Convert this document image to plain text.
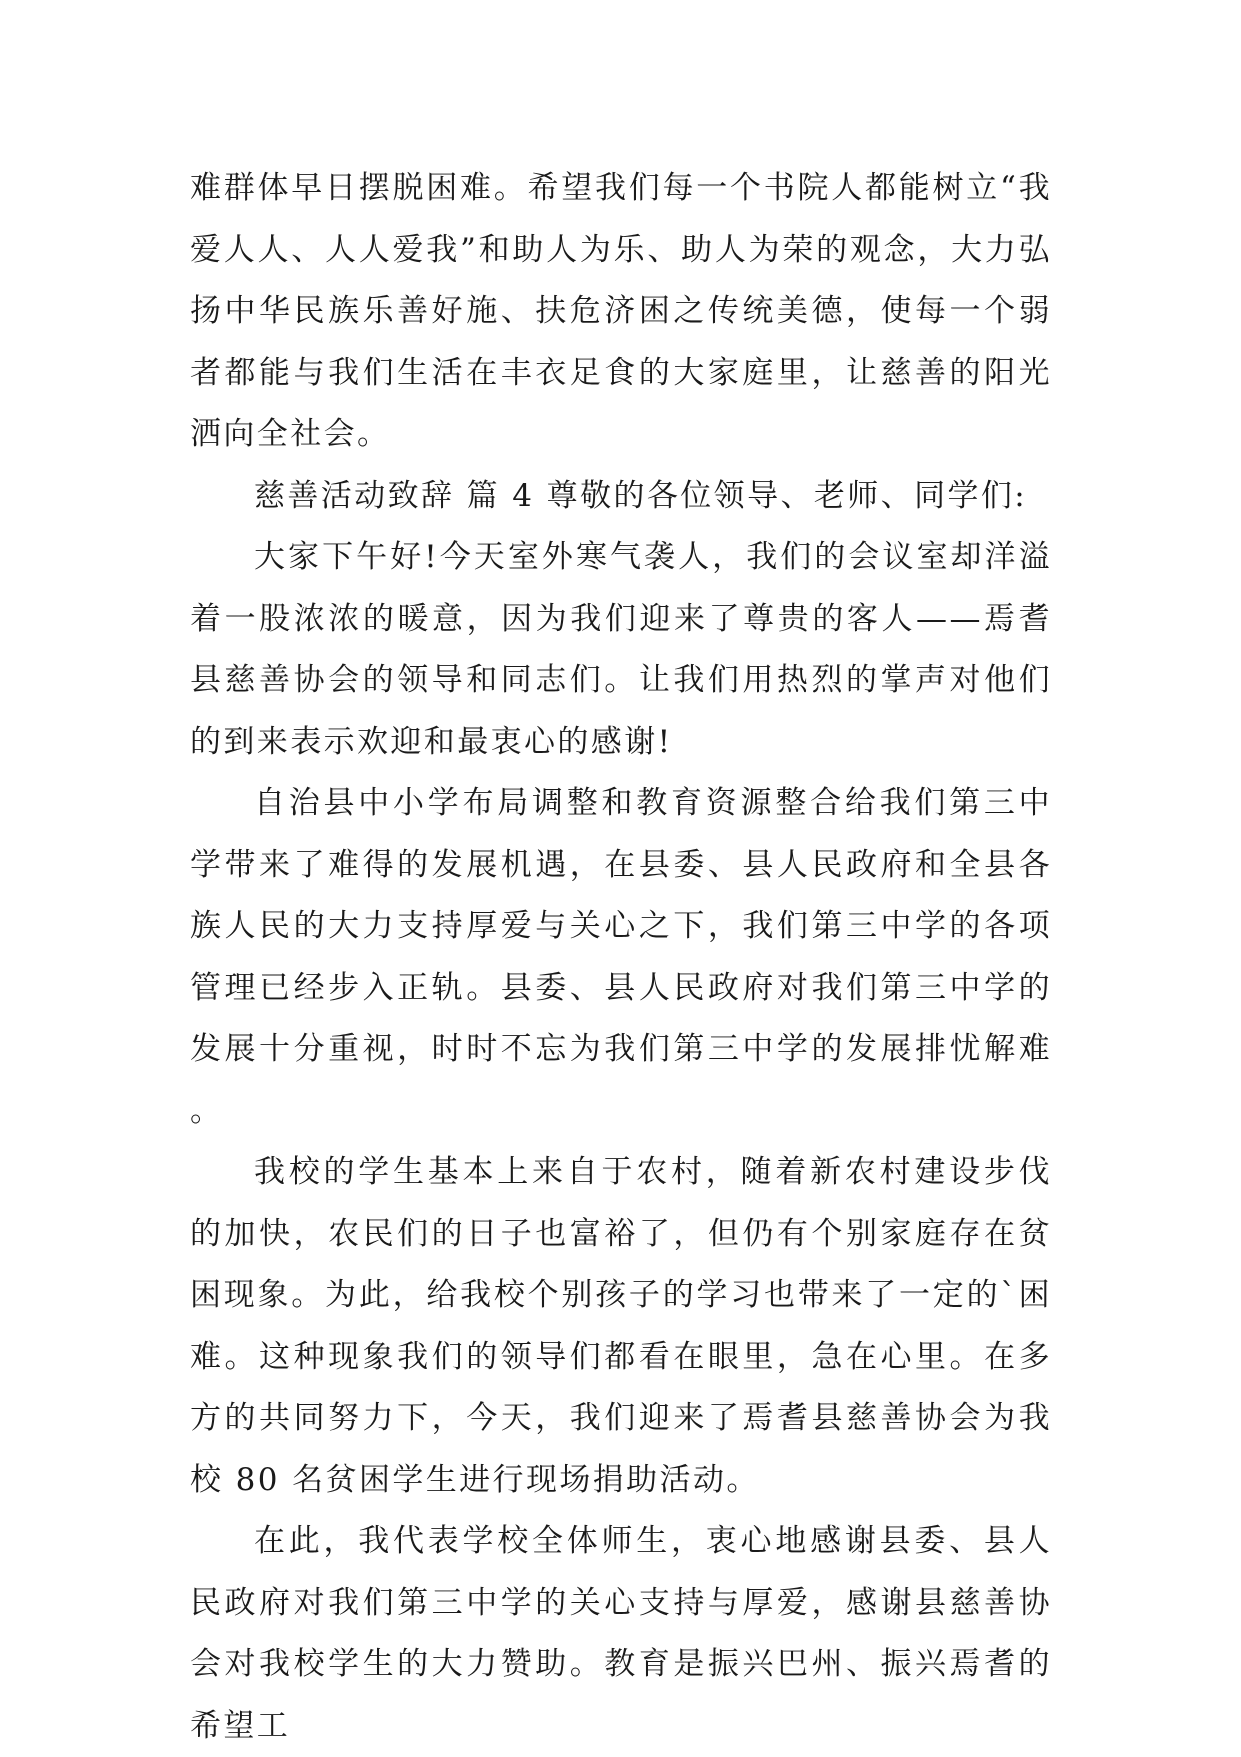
难群体早日摆脱困难。希望我们每一个书院人都能树立“我爱人人、人人爱我”和助人为乐、助人为荣的观念，大力弘扬中华民族乐善好施、扶危济困之传统美德，使每一个弱者都能与我们生活在丰衣足食的大家庭里，让慈善的阳光洒向全社会。

慈善活动致辞 篇 4 尊敬的各位领导、老师、同学们:

大家下午好!今天室外寒气袭人，我们的会议室却洋溢着一股浓浓的暖意，因为我们迎来了尊贵的客人——焉耆县慈善协会的领导和同志们。让我们用热烈的掌声对他们的到来表示欢迎和最衷心的感谢!

自治县中小学布局调整和教育资源整合给我们第三中学带来了难得的发展机遇，在县委、县人民政府和全县各族人民的大力支持厚爱与关心之下，我们第三中学的各项管理已经步入正轨。县委、县人民政府对我们第三中学的发展十分重视，时时不忘为我们第三中学的发展排忧解难。

我校的学生基本上来自于农村，随着新农村建设步伐的加快，农民们的日子也富裕了，但仍有个别家庭存在贫困现象。为此，给我校个别孩子的学习也带来了一定的`困难。这种现象我们的领导们都看在眼里，急在心里。在多方的共同努力下，今天，我们迎来了焉耆县慈善协会为我校 80 名贫困学生进行现场捐助活动。

在此，我代表学校全体师生，衷心地感谢县委、县人民政府对我们第三中学的关心支持与厚爱，感谢县慈善协会对我校学生的大力赞助。教育是振兴巴州、振兴焉耆的希望工
